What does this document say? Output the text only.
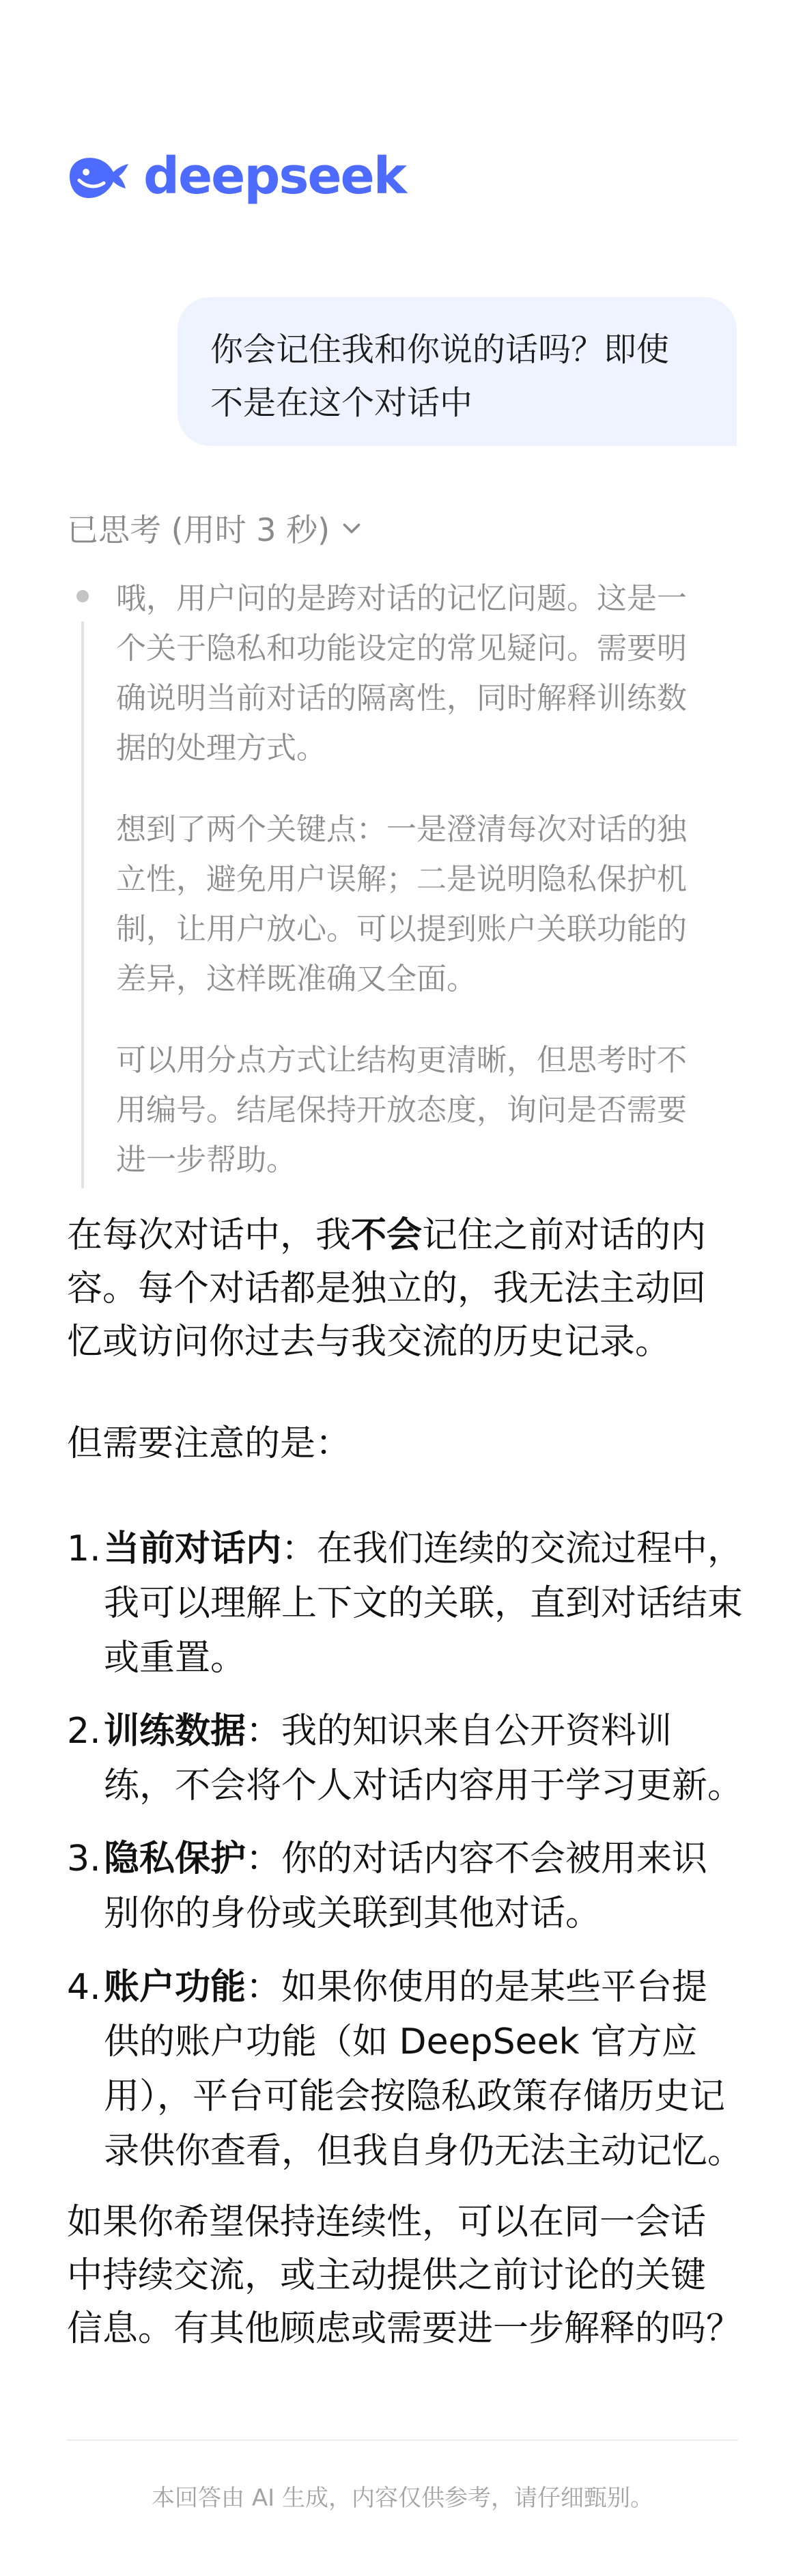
deepseek
你会记住我和你说的话吗？即使
不是在这个对话中
已思考 (用时 3 秒)
哦，用户问的是跨对话的记忆问题。这是一
个关于隐私和功能设定的常见疑问。需要明
确说明当前对话的隔离性，同时解释训练数
据的处理方式。
想到了两个关键点：一是澄清每次对话的独
立性，避免用户误解；二是说明隐私保护机
制，让用户放心。可以提到账户关联功能的
差异，这样既准确又全面。
可以用分点方式让结构更清晰，但思考时不
用编号。结尾保持开放态度，询问是否需要
进一步帮助。
在每次对话中，我不会记住之前对话的内
容。每个对话都是独立的，我无法主动回
忆或访问你过去与我交流的历史记录。
但需要注意的是：
1. 当前对话内：在我们连续的交流过程中，
我可以理解上下文的关联，直到对话结束
或重置。
2. 训练数据：我的知识来自公开资料训
练，不会将个人对话内容用于学习更新。
3. 隐私保护：你的对话内容不会被用来识
别你的身份或关联到其他对话。
4. 账户功能：如果你使用的是某些平台提
供的账户功能（如 DeepSeek 官方应
用），平台可能会按隐私政策存储历史记
录供你查看，但我自身仍无法主动记忆。
如果你希望保持连续性，可以在同一会话
中持续交流，或主动提供之前讨论的关键
信息。有其他顾虑或需要进一步解释的吗？
本回答由 AI 生成，内容仅供参考，请仔细甄别。
